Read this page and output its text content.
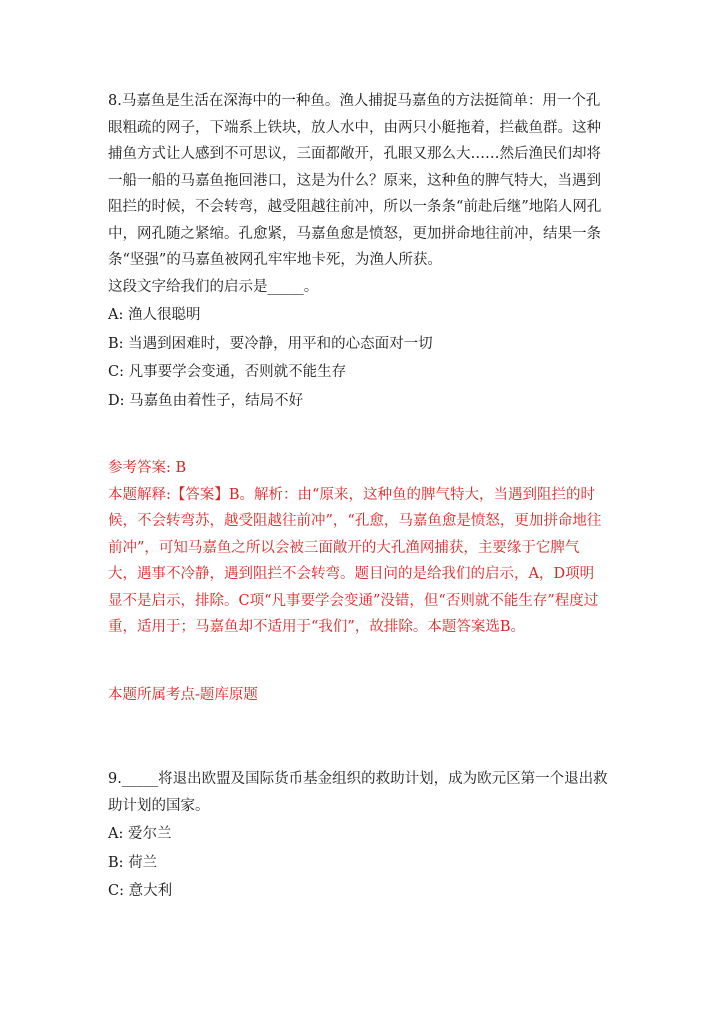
8.马嘉鱼是生活在深海中的一种鱼。渔人捕捉马嘉鱼的方法挺简单：用一个孔眼粗疏的网子，下端系上铁块，放人水中，由两只小艇拖着，拦截鱼群。这种捕鱼方式让人感到不可思议，三面都敞开，孔眼又那么大……然后渔民们却将一船一船的马嘉鱼拖回港口，这是为什么？原来，这种鱼的脾气特大，当遇到阻拦的时候，不会转弯，越受阻越往前冲，所以一条条“前赴后继”地陷人网孔中，网孔随之紧缩。孔愈紧，马嘉鱼愈是愤怒，更加拼命地往前冲，结果一条条“坚强”的马嘉鱼被网孔牢牢地卡死，为渔人所获。

这段文字给我们的启示是_____。

A: 渔人很聪明

B: 当遇到困难时，要冷静，用平和的心态面对一切

C: 凡事要学会变通，否则就不能生存

D: 马嘉鱼由着性子，结局不好

参考答案: B

本题解释:【答案】B。解析：由“原来，这种鱼的脾气特大，当遇到阻拦的时候，不会转弯苏，越受阻越往前冲”，“孔愈，马嘉鱼愈是愤怒，更加拼命地往前冲”，可知马嘉鱼之所以会被三面敞开的大孔渔网捕获，主要缘于它脾气大，遇事不冷静，遇到阻拦不会转弯。题目问的是给我们的启示，A，D项明显不是启示，排除。C项“凡事要学会变通”没错，但“否则就不能生存”程度过重，适用于；马嘉鱼却不适用于“我们”，故排除。本题答案选B。

本题所属考点-题库原题

9._____将退出欧盟及国际货币基金组织的救助计划，成为欧元区第一个退出救助计划的国家。

A: 爱尔兰

B: 荷兰

C: 意大利
